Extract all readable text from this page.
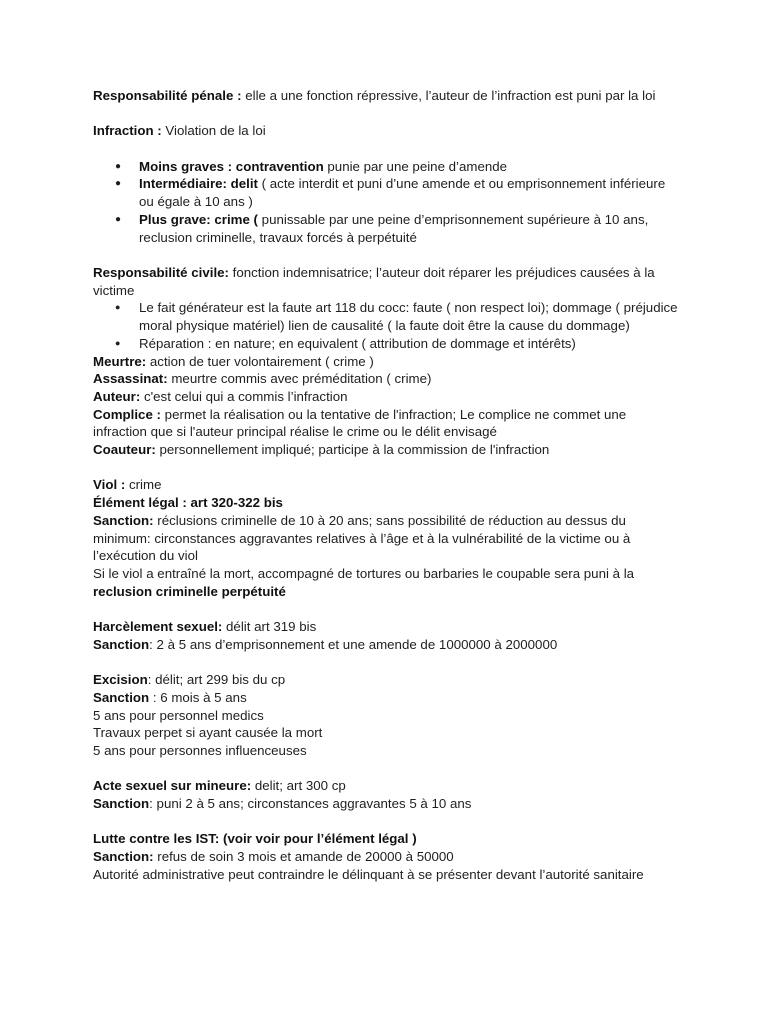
Responsabilité pénale : elle a une fonction répressive, l’auteur de l’infraction est puni par la loi

Infraction : Violation de la loi

● Moins graves : contravention punie par une peine d’amende
● Intermédiaire: delit ( acte interdit et puni d’une amende et ou emprisonnement inférieure ou égale à 10 ans )
● Plus grave: crime ( punissable par une peine d’emprisonnement supérieure à 10 ans, reclusion criminelle, travaux forcés à perpétuité

Responsabilité civile: fonction indemnisatrice; l’auteur doit réparer les préjudices causées à la victime

● Le fait générateur est la faute art 118 du cocc: faute ( non respect loi); dommage ( préjudice moral physique matériel) lien de causalité ( la faute doit être la cause du dommage)
● Réparation : en nature; en equivalent ( attribution de dommage et intérêts)

Meurtre: action de tuer volontairement ( crime )

Assassinat: meurtre commis avec préméditation ( crime)

Auteur: c'est celui qui a commis l’infraction

Complice : permet la réalisation ou la tentative de l'infraction; Le complice ne commet une infraction que si l'auteur principal réalise le crime ou le délit envisagé

Coauteur: personnellement impliqué; participe à la commission de l'infraction

Viol : crime

Élément légal : art 320-322 bis

Sanction: réclusions criminelle de 10 à 20 ans; sans possibilité de réduction au dessus du minimum: circonstances aggravantes relatives à l’âge et à la vulnérabilité de la victime ou à l’exécution du viol

Si le viol a entraîné la mort, accompagné de tortures ou barbaries le coupable sera puni à la reclusion criminelle perpétuité

Harcèlement sexuel: délit art 319 bis

Sanction: 2 à 5 ans d’emprisonnement et une amende de 1000000 à 2000000

Excision: délit; art 299 bis du cp

Sanction : 6 mois à 5 ans

5 ans pour personnel medics

Travaux perpet si ayant causée la mort

5 ans pour personnes influenceuses

Acte sexuel sur mineure: delit; art 300 cp

Sanction: puni 2 à 5 ans; circonstances aggravantes 5 à 10 ans

Lutte contre les IST: (voir voir pour l’élément légal )

Sanction: refus de soin 3 mois et amande de 20000 à 50000

Autorité administrative peut contraindre le délinquant à se présenter devant l’autorité sanitaire
